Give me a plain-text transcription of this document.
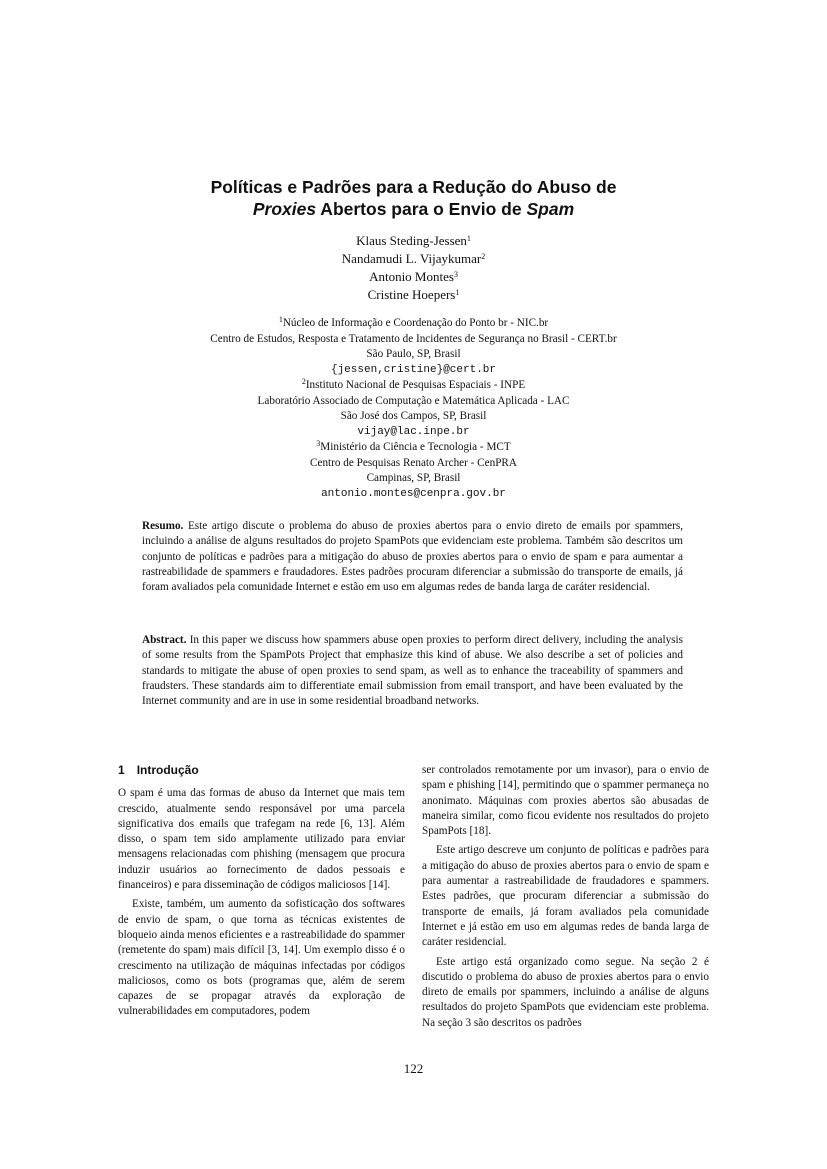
Políticas e Padrões para a Redução do Abuso de
Proxies Abertos para o Envio de Spam
Klaus Steding-Jessen$^1$
Nandamudi L. Vijaykumar$^2$
Antonio Montes$^3$
Cristine Hoepers$^1$
$^1$Núcleo de Informação e Coordenação do Ponto br - NIC.br
Centro de Estudos, Resposta e Tratamento de Incidentes de Segurança no Brasil - CERT.br
São Paulo, SP, Brasil
{jessen,cristine}@cert.br
$^2$Instituto Nacional de Pesquisas Espaciais - INPE
Laboratório Associado de Computação e Matemática Aplicada - LAC
São José dos Campos, SP, Brasil
vijay@lac.inpe.br
$^3$Ministério da Ciência e Tecnologia - MCT
Centro de Pesquisas Renato Archer - CenPRA
Campinas, SP, Brasil
antonio.montes@cenpra.gov.br
Resumo. Este artigo discute o problema do abuso de proxies abertos para o envio direto de emails por spammers, incluindo a análise de alguns resultados do projeto SpamPots que evidenciam este problema. Também são descritos um conjunto de políticas e padrões para a mitigação do abuso de proxies abertos para o envio de spam e para aumentar a rastreabilidade de spammers e fraudadores. Estes padrões procuram diferenciar a submissão do transporte de emails, já foram avaliados pela comunidade Internet e estão em uso em algumas redes de banda larga de caráter residencial.
Abstract. In this paper we discuss how spammers abuse open proxies to perform direct delivery, including the analysis of some results from the SpamPots Project that emphasize this kind of abuse. We also describe a set of policies and standards to mitigate the abuse of open proxies to send spam, as well as to enhance the traceability of spammers and fraudsters. These standards aim to differentiate email submission from email transport, and have been evaluated by the Internet community and are in use in some residential broadband networks.
1 Introdução

O spam é uma das formas de abuso da Internet que mais tem crescido, atualmente sendo responsável por uma parcela significativa dos emails que trafegam na rede [6, 13]. Além disso, o spam tem sido amplamente utilizado para enviar mensagens relacionadas com phishing (mensagem que procura induzir usuários ao fornecimento de dados pessoais e financeiros) e para disseminação de códigos maliciosos [14].

Existe, também, um aumento da sofisticação dos softwares de envio de spam, o que torna as técnicas existentes de bloqueio ainda menos eficientes e a rastreabilidade do spammer (remetente do spam) mais difícil [3, 14]. Um exemplo disso é o crescimento na utilização de máquinas infectadas por códigos maliciosos, como os bots (programas que, além de serem capazes de se propagar através da exploração de vulnerabilidades em computadores, podem

ser controlados remotamente por um invasor), para o envio de spam e phishing [14], permitindo que o spammer permaneça no anonimato. Máquinas com proxies abertos são abusadas de maneira similar, como ficou evidente nos resultados do projeto SpamPots [18].

Este artigo descreve um conjunto de políticas e padrões para a mitigação do abuso de proxies abertos para o envio de spam e para aumentar a rastreabilidade de fraudadores e spammers. Estes padrões, que procuram diferenciar a submissão do transporte de emails, já foram avaliados pela comunidade Internet e já estão em uso em algumas redes de banda larga de caráter residencial.

Este artigo está organizado como segue. Na seção 2 é discutido o problema do abuso de proxies abertos para o envio direto de emails por spammers, incluindo a análise de alguns resultados do projeto SpamPots que evidenciam este problema. Na seção 3 são descritos os padrões

122
